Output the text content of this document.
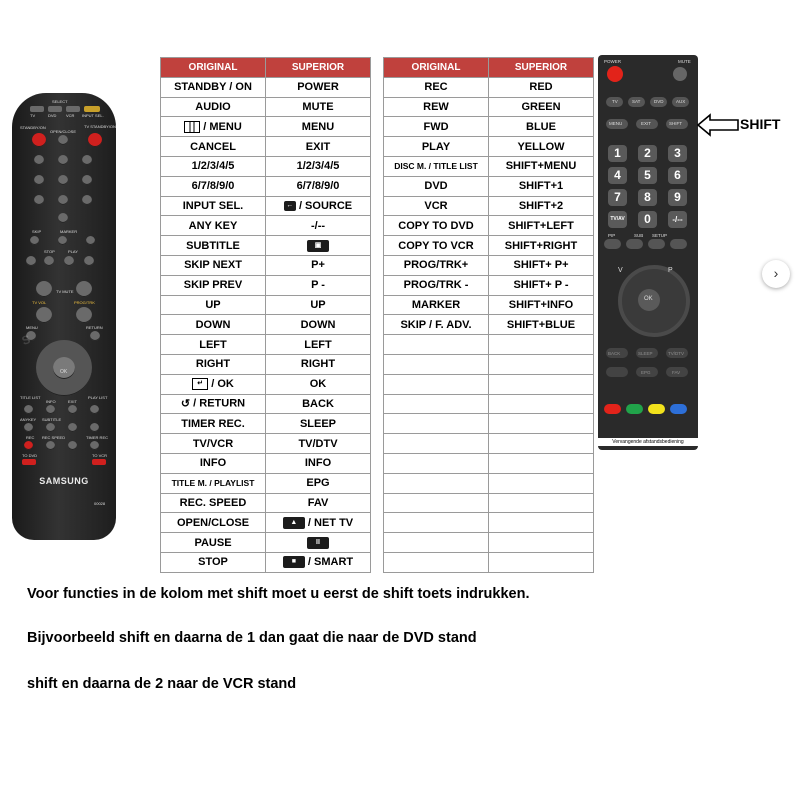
SELECT
TV	DVD VCR INPUT SEL.
STANDBY/ON
OPEN/CLOSE
TV STANDBY/ON
SKIP	MARKER
STOP	PLAY
TV MUTE
TV VOL	PROG/TRK
MENU	RETURN
OK
TITLE LIST
INFO	EXIT
PLAY LIST
ANYKEY SUBTITLE
REC REC SPEED	TIMER REC
TO DVD	TO VCR
S
SAMSUNG
00028
ORIGINAL	SUPERIOR
STANDBY / ON	POWER
AUDIO	MUTE
/ MENU	MENU
CANCEL	EXIT
1/2/3/4/5	1/2/3/4/5
6/7/8/9/0	6/7/8/9/0
INPUT SEL.	← / SOURCE
ANY KEY	-/--
SUBTITLE	▣
SKIP NEXT	P+
SKIP PREV	P -
UP	UP
DOWN	DOWN
LEFT	LEFT
RIGHT	RIGHT
↵ / OK	OK
↺ / RETURN	BACK
TIMER REC.	SLEEP
TV/VCR	TV/DTV
INFO	INFO
TITLE M. / PLAYLIST	EPG
REC. SPEED	FAV
OPEN/CLOSE	▲ / NET TV
PAUSE	II
STOP	■ / SMART
ORIGINAL	SUPERIOR
REC	RED
REW	GREEN
FWD	BLUE
PLAY	YELLOW
DISC M. / TITLE LIST	SHIFT+MENU
DVD	SHIFT+1
VCR	SHIFT+2
COPY TO DVD	SHIFT+LEFT
COPY TO VCR	SHIFT+RIGHT
PROG/TRK+	SHIFT+ P+
PROG/TRK -	SHIFT+ P -
MARKER	SHIFT+INFO
SKIP / F. ADV.	SHIFT+BLUE

POWER	MUTE
TV	SAT	DVD	AUX
MENU	EXIT	SHIFT
1	2	3
4	5	6
7	8	9
0
TV/AV	-/--
PIP	SUB SETUP
OK
V	P
Vervangende afstandsbediening
SHIFT
›
Voor functies in de kolom met shift moet u eerst de shift toets indrukken.
Bijvoorbeeld shift en daarna de 1 dan gaat die naar de DVD stand
shift en daarna de 2 naar de VCR stand
